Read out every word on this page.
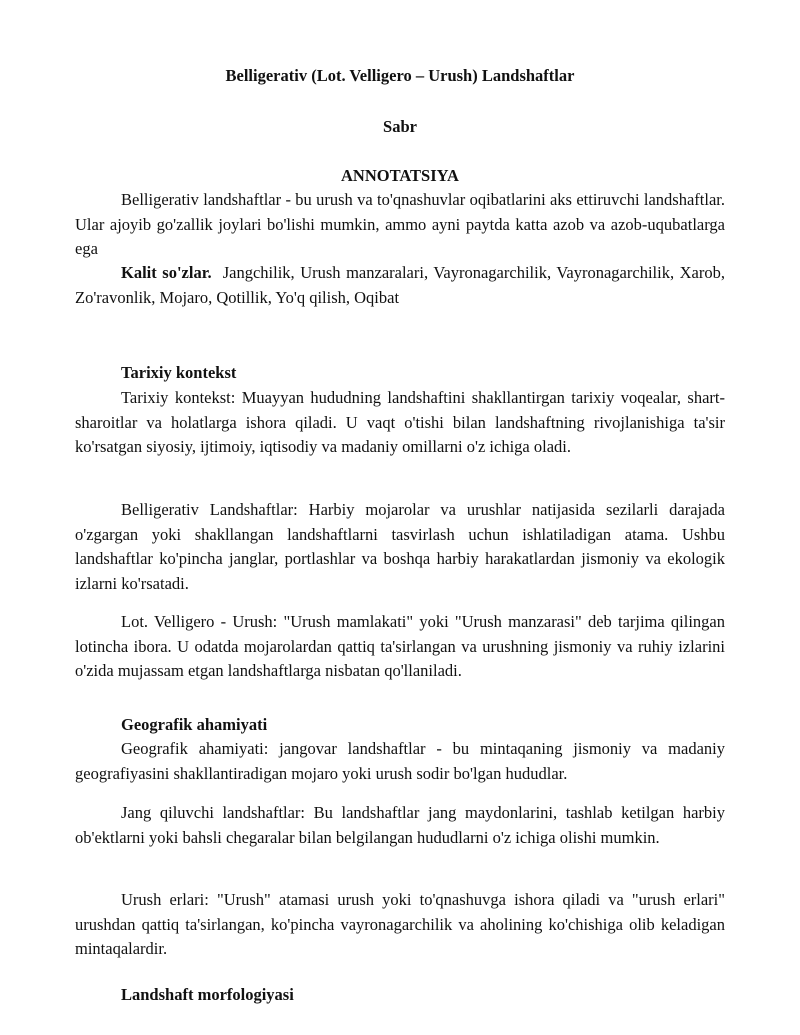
Belligerativ (Lot. Velligero – Urush) Landshaftlar

Sabr

ANNOTATSIYA

Belligerativ landshaftlar - bu urush va to'qnashuvlar oqibatlarini aks ettiruvchi landshaftlar. Ular ajoyib go'zallik joylari bo'lishi mumkin, ammo ayni paytda katta azob va azob-uqubatlarga ega

Kalit so'zlar. Jangchilik, Urush manzaralari, Vayronagarchilik, Vayronagarchilik, Xarob, Zo'ravonlik, Mojaro, Qotillik, Yo'q qilish, Oqibat

Tarixiy kontekst

Tarixiy kontekst: Muayyan hududning landshaftini shakllantirgan tarixiy voqealar, shart-sharoitlar va holatlarga ishora qiladi. U vaqt o'tishi bilan landshaftning rivojlanishiga ta'sir ko'rsatgan siyosiy, ijtimoiy, iqtisodiy va madaniy omillarni o'z ichiga oladi.

Belligerativ Landshaftlar: Harbiy mojarolar va urushlar natijasida sezilarli darajada o'zgargan yoki shakllangan landshaftlarni tasvirlash uchun ishlatiladigan atama. Ushbu landshaftlar ko'pincha janglar, portlashlar va boshqa harbiy harakatlardan jismoniy va ekologik izlarni ko'rsatadi.

Lot. Velligero - Urush: "Urush mamlakati" yoki "Urush manzarasi" deb tarjima qilingan lotincha ibora. U odatda mojarolardan qattiq ta'sirlangan va urushning jismoniy va ruhiy izlarini o'zida mujassam etgan landshaftlarga nisbatan qo'llaniladi.

Geografik ahamiyati

Geografik ahamiyati: jangovar landshaftlar - bu mintaqaning jismoniy va madaniy geografiyasini shakllantiradigan mojaro yoki urush sodir bo'lgan hududlar.

Jang qiluvchi landshaftlar: Bu landshaftlar jang maydonlarini, tashlab ketilgan harbiy ob'ektlarni yoki bahsli chegaralar bilan belgilangan hududlarni o'z ichiga olishi mumkin.

Urush erlari: "Urush" atamasi urush yoki to'qnashuvga ishora qiladi va "urush erlari" urushdan qattiq ta'sirlangan, ko'pincha vayronagarchilik va aholining ko'chishiga olib keladigan mintaqalardir.

Landshaft morfologiyasi
